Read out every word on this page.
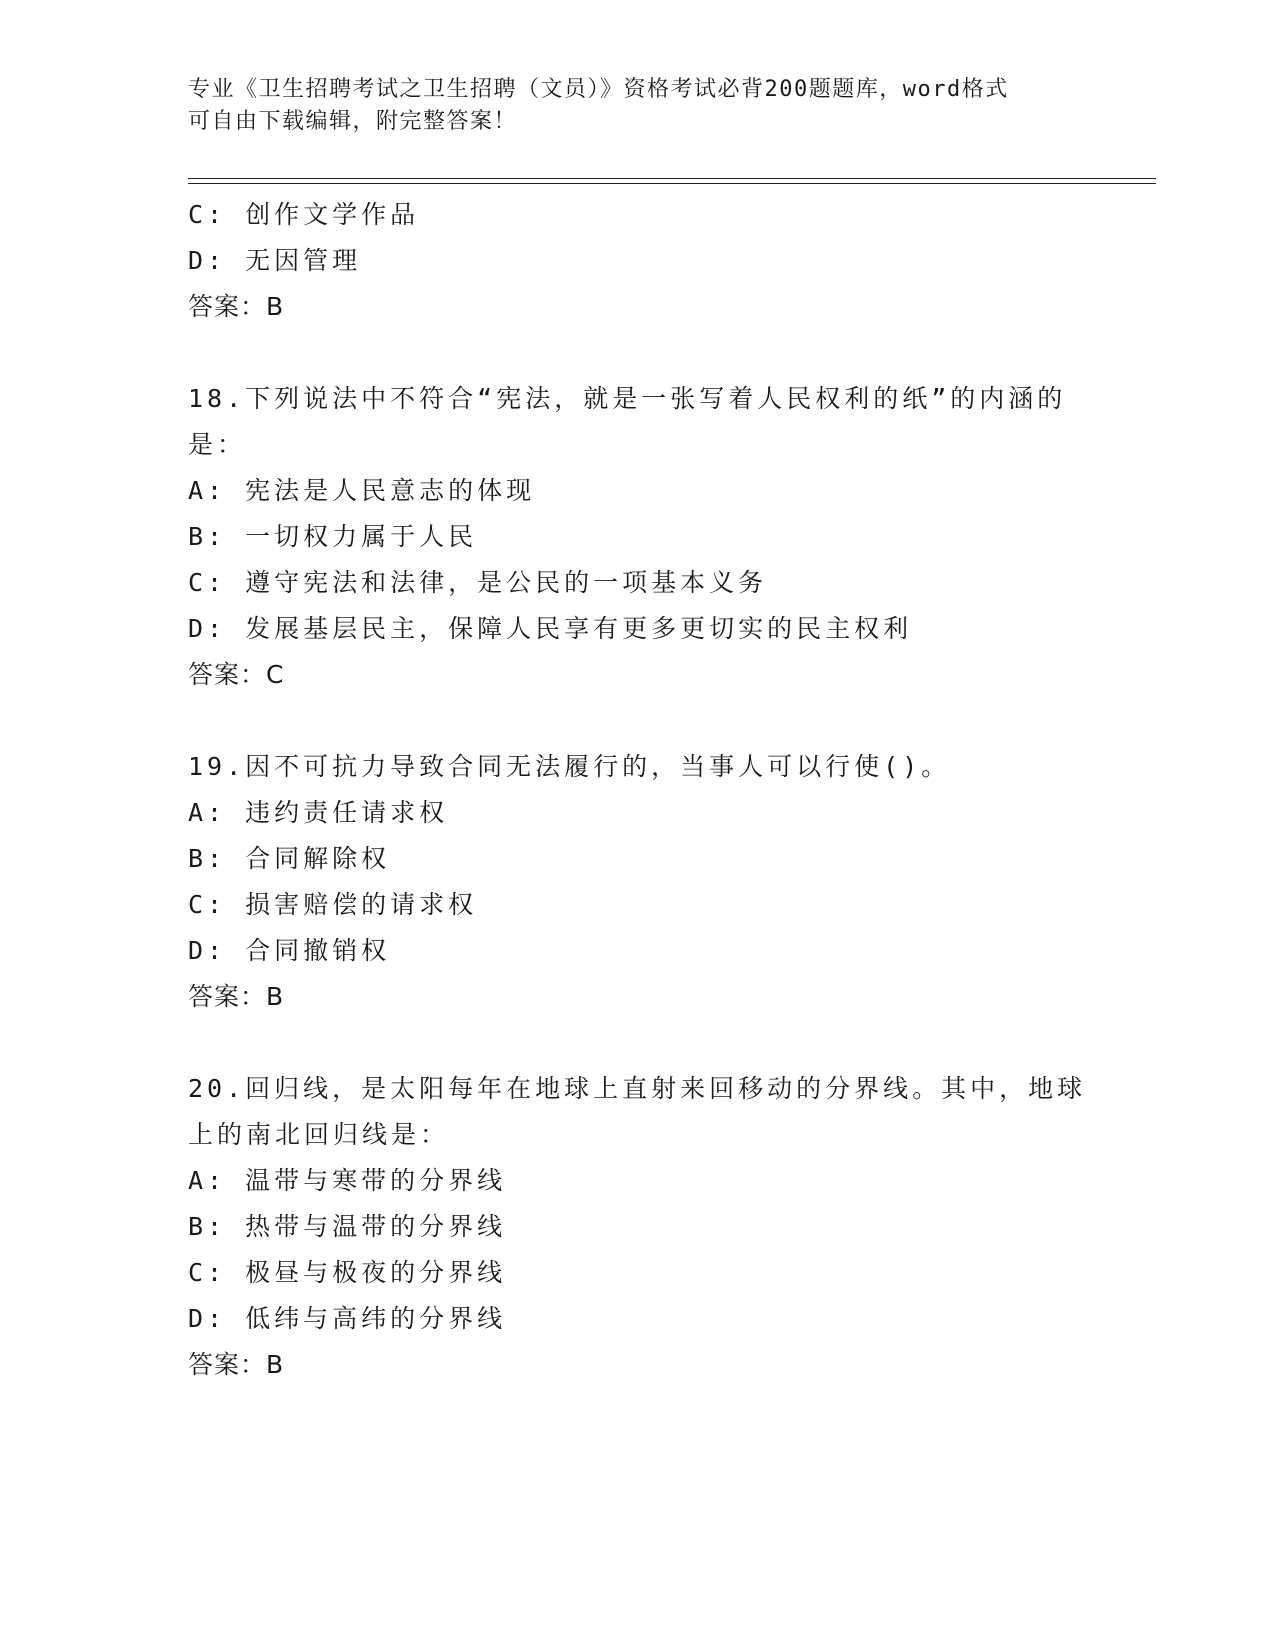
专业《卫生招聘考试之卫生招聘（文员）》资格考试必背200题题库，word格式
可自由下载编辑，附完整答案！
C: 创作文学作品
D: 无因管理
答案：B
18.下列说法中不符合“宪法，就是一张写着人民权利的纸”的内涵的
是：
A: 宪法是人民意志的体现
B: 一切权力属于人民
C: 遵守宪法和法律，是公民的一项基本义务
D: 发展基层民主，保障人民享有更多更切实的民主权利
答案：C
19.因不可抗力导致合同无法履行的，当事人可以行使()。
A: 违约责任请求权
B: 合同解除权
C: 损害赔偿的请求权
D: 合同撤销权
答案：B
20.回归线，是太阳每年在地球上直射来回移动的分界线。其中，地球
上的南北回归线是：
A: 温带与寒带的分界线
B: 热带与温带的分界线
C: 极昼与极夜的分界线
D: 低纬与高纬的分界线
答案：B
